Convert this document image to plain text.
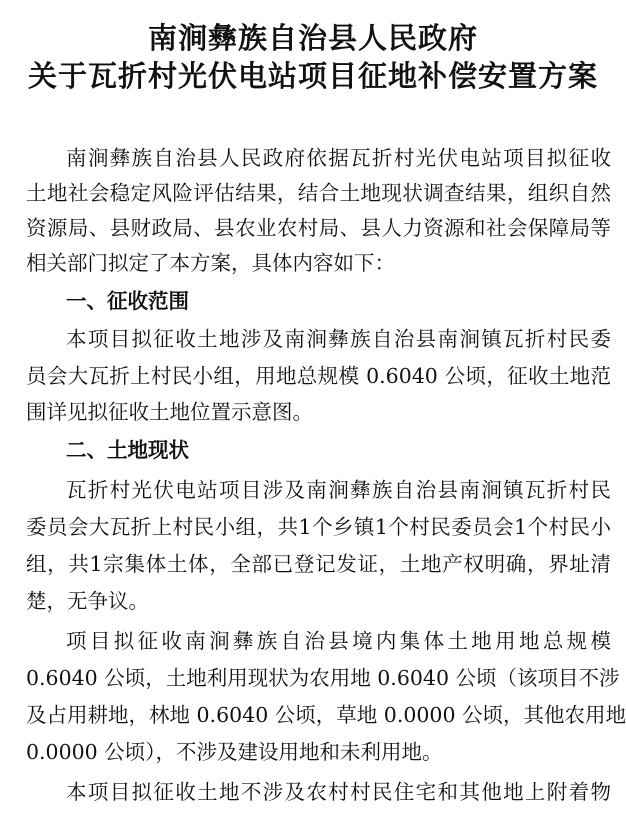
南涧彝族自治县人民政府
关于瓦折村光伏电站项目征地补偿安置方案
南涧彝族自治县人民政府依据瓦折村光伏电站项目拟征收
土地社会稳定风险评估结果，结合土地现状调查结果，组织自然
资源局、县财政局、县农业农村局、县人力资源和社会保障局等
相关部门拟定了本方案，具体内容如下：
一、征收范围
本项目拟征收土地涉及南涧彝族自治县南涧镇瓦折村民委
员会大瓦折上村民小组，用地总规模 0.6040 公顷，征收土地范
围详见拟征收土地位置示意图。
二、土地现状
瓦折村光伏电站项目涉及南涧彝族自治县南涧镇瓦折村民
委员会大瓦折上村民小组，共1个乡镇1个村民委员会1个村民小
组，共1宗集体土体，全部已登记发证，土地产权明确，界址清
楚，无争议。
项目拟征收南涧彝族自治县境内集体土地用地总规模
0.6040 公顷，土地利用现状为农用地 0.6040 公顷（该项目不涉
及占用耕地，林地 0.6040 公顷，草地 0.0000 公顷，其他农用地
0.0000 公顷），不涉及建设用地和未利用地。
本项目拟征收土地不涉及农村村民住宅和其他地上附着物
